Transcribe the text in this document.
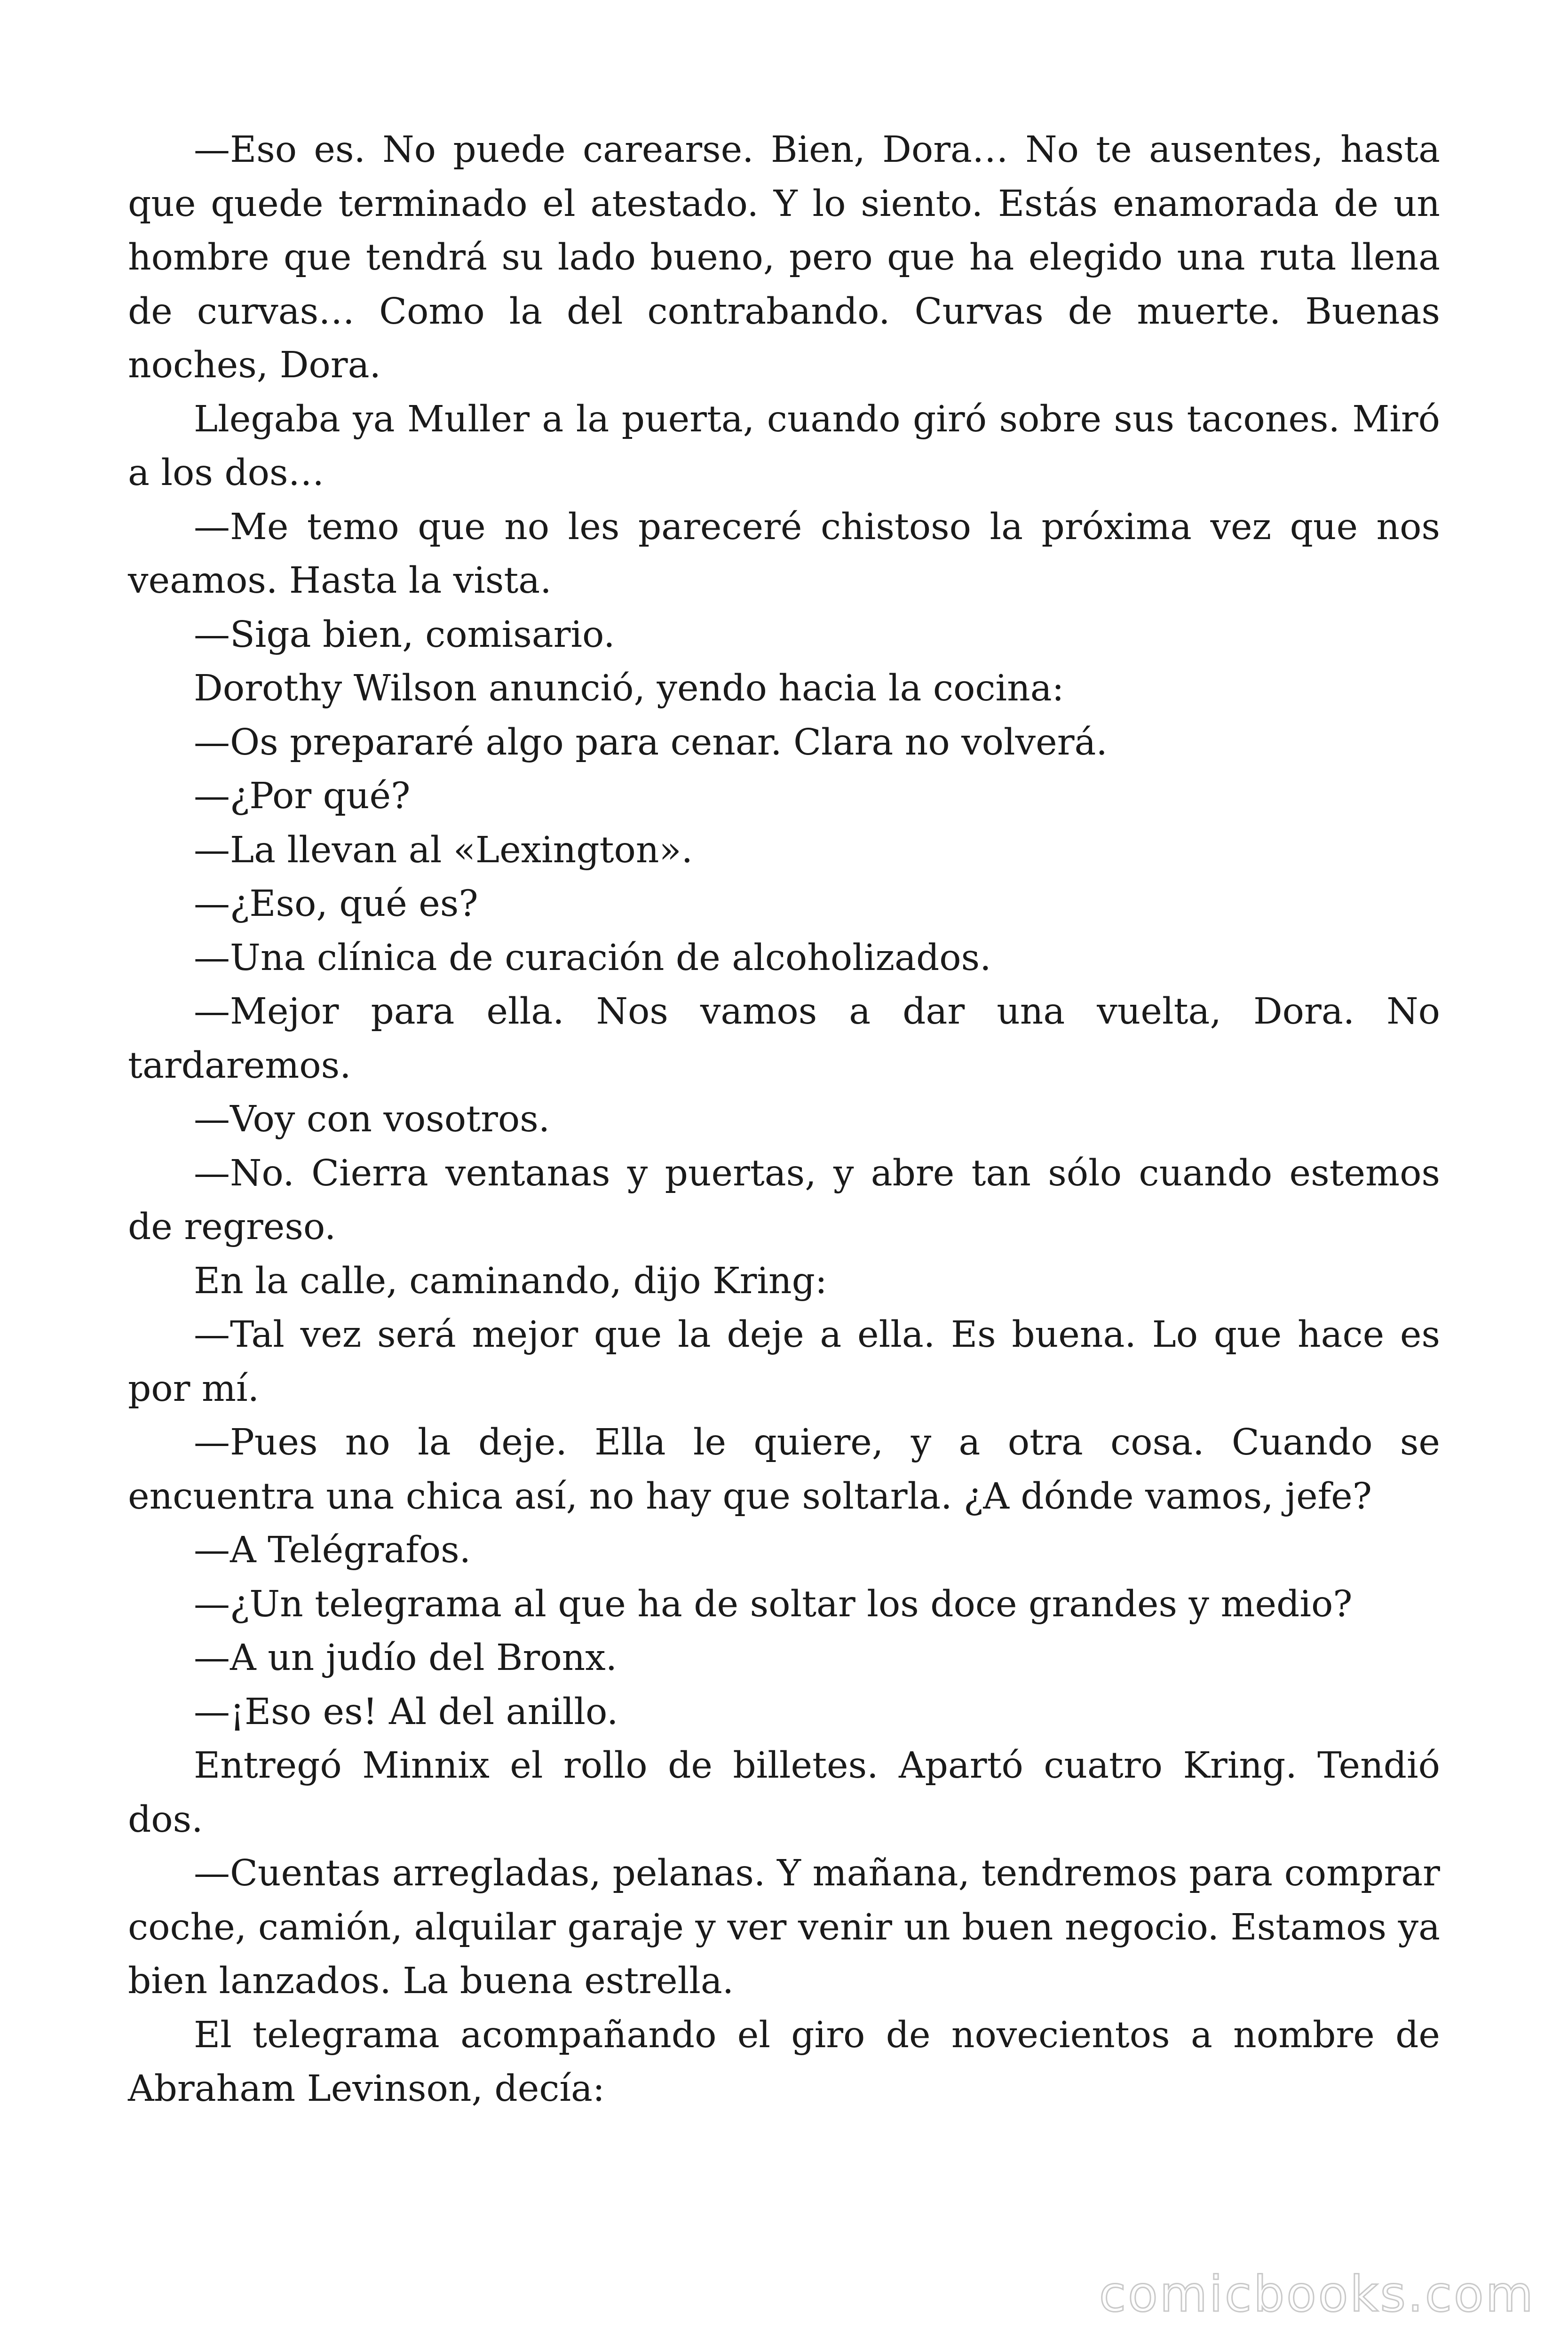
—Eso es. No puede carearse. Bien, Dora… No te ausentes, hasta que quede terminado el atestado. Y lo siento. Estás enamorada de un hombre que tendrá su lado bueno, pero que ha elegido una ruta llena de curvas… Como la del contrabando. Curvas de muerte. Buenas noches, Dora.

Llegaba ya Muller a la puerta, cuando giró sobre sus tacones. Miró a los dos…

—Me temo que no les pareceré chistoso la próxima vez que nos veamos. Hasta la vista.

—Siga bien, comisario.

Dorothy Wilson anunció, yendo hacia la cocina:

—Os prepararé algo para cenar. Clara no volverá.

—¿Por qué?

—La llevan al «Lexington».

—¿Eso, qué es?

—Una clínica de curación de alcoholizados.

—Mejor para ella. Nos vamos a dar una vuelta, Dora. No tardaremos.

—Voy con vosotros.

—No. Cierra ventanas y puertas, y abre tan sólo cuando estemos de regreso.

En la calle, caminando, dijo Kring:

—Tal vez será mejor que la deje a ella. Es buena. Lo que hace es por mí.

—Pues no la deje. Ella le quiere, y a otra cosa. Cuando se encuentra una chica así, no hay que soltarla. ¿A dónde vamos, jefe?

—A Telégrafos.

—¿Un telegrama al que ha de soltar los doce grandes y medio?

—A un judío del Bronx.

—¡Eso es! Al del anillo.

Entregó Minnix el rollo de billetes. Apartó cuatro Kring. Tendió dos.

—Cuentas arregladas, pelanas. Y mañana, tendremos para comprar coche, camión, alquilar garaje y ver venir un buen negocio. Estamos ya bien lanzados. La buena estrella.

El telegrama acompañando el giro de novecientos a nombre de Abraham Levinson, decía:

comicbooks.com
